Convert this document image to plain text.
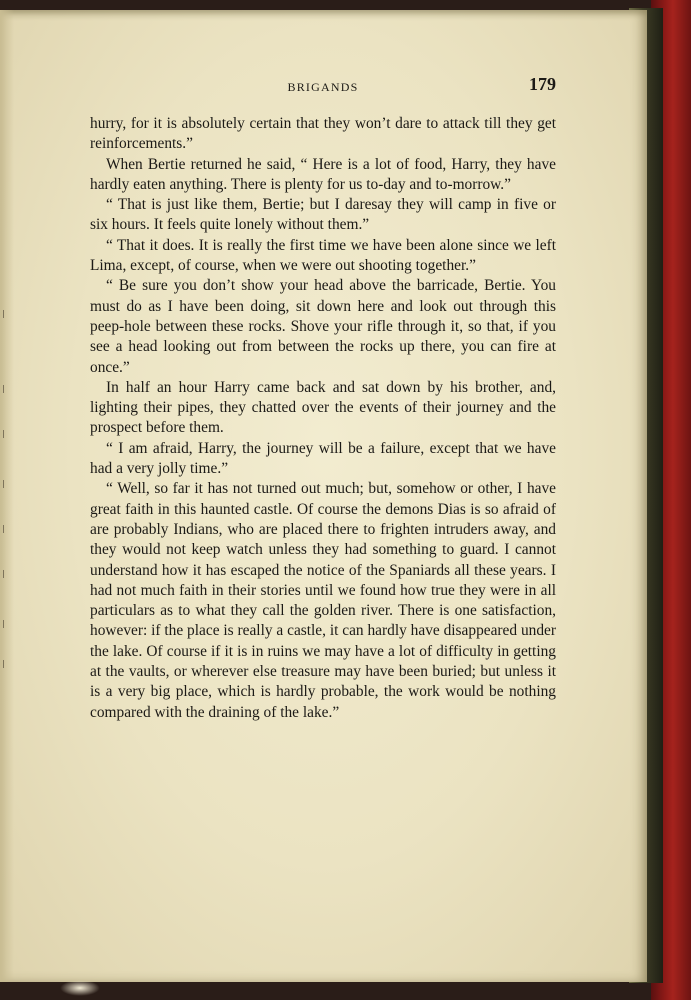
BRIGANDS	179

hurry, for it is absolutely certain that they won’t dare to attack till they get reinforcements.”

When Bertie returned he said, “ Here is a lot of food, Harry, they have hardly eaten anything. There is plenty for us to-day and to-morrow.”

“ That is just like them, Bertie; but I daresay they will camp in five or six hours. It feels quite lonely without them.”

“ That it does. It is really the first time we have been alone since we left Lima, except, of course, when we were out shooting together.”

“ Be sure you don’t show your head above the barricade, Bertie. You must do as I have been doing, sit down here and look out through this peep-hole between these rocks. Shove your rifle through it, so that, if you see a head looking out from between the rocks up there, you can fire at once.”

In half an hour Harry came back and sat down by his brother, and, lighting their pipes, they chatted over the events of their journey and the prospect before them.

“ I am afraid, Harry, the journey will be a failure, except that we have had a very jolly time.”

“ Well, so far it has not turned out much; but, somehow or other, I have great faith in this haunted castle. Of course the demons Dias is so afraid of are probably Indians, who are placed there to frighten intruders away, and they would not keep watch unless they had something to guard. I cannot understand how it has escaped the notice of the Spaniards all these years. I had not much faith in their stories until we found how true they were in all particulars as to what they call the golden river. There is one satisfaction, however: if the place is really a castle, it can hardly have disappeared under the lake. Of course if it is in ruins we may have a lot of difficulty in getting at the vaults, or wherever else treasure may have been buried; but unless it is a very big place, which is hardly probable, the work would be nothing compared with the draining of the lake.”
